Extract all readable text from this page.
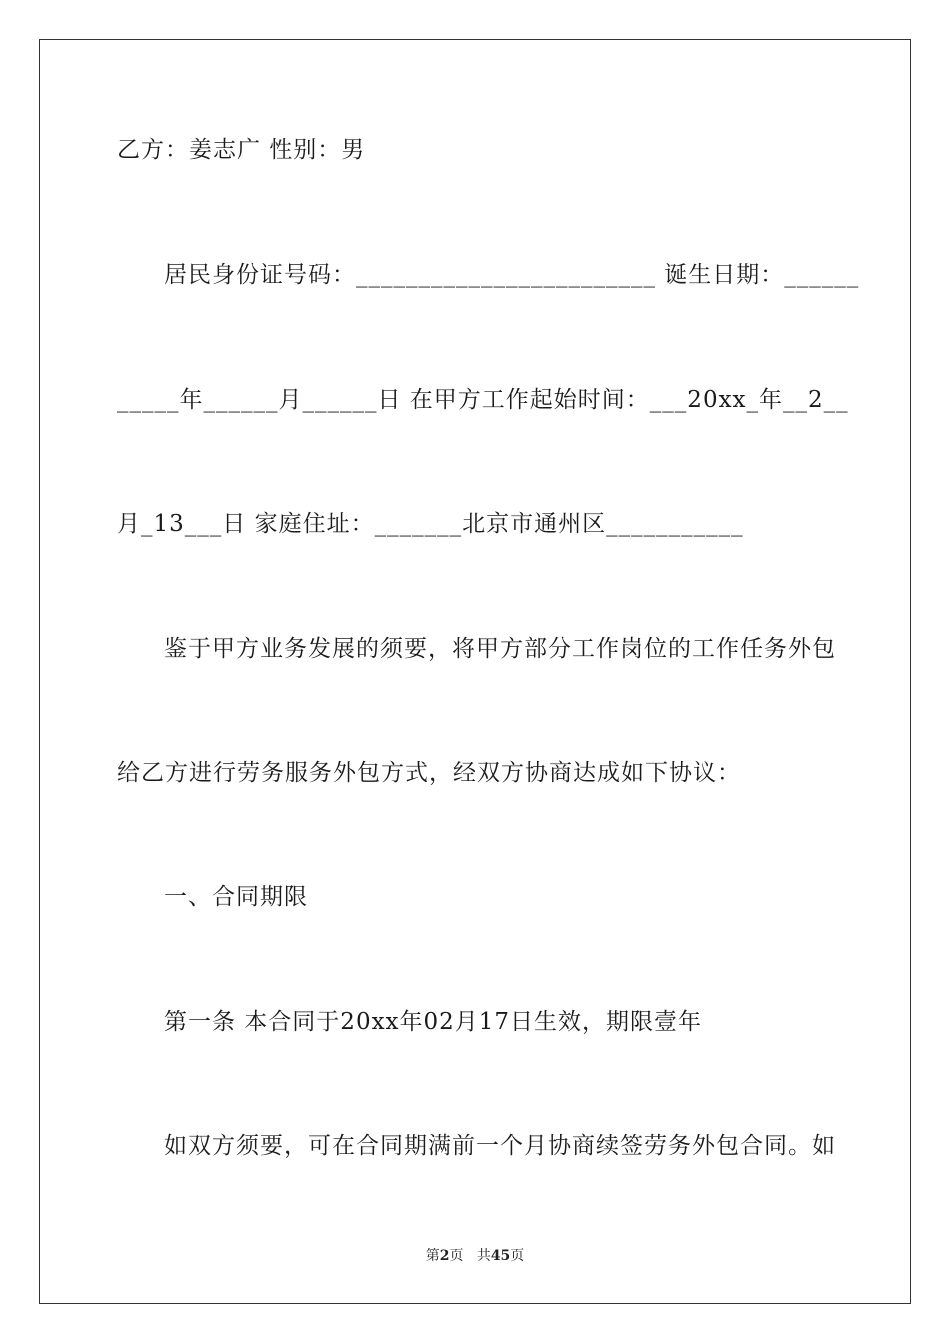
乙方：姜志广 性别：男
居民身份证号码：________________________ 诞生日期：______
_____年______月______日 在甲方工作起始时间：___20xx_年__2__
月_13___日 家庭住址：_______北京市通州区___________
鉴于甲方业务发展的须要，将甲方部分工作岗位的工作任务外包
给乙方进行劳务服务外包方式，经双方协商达成如下协议：
一、合同期限
第一条 本合同于20xx年02月17日生效，期限壹年
如双方须要，可在合同期满前一个月协商续签劳务外包合同。如
第2页 共45页
